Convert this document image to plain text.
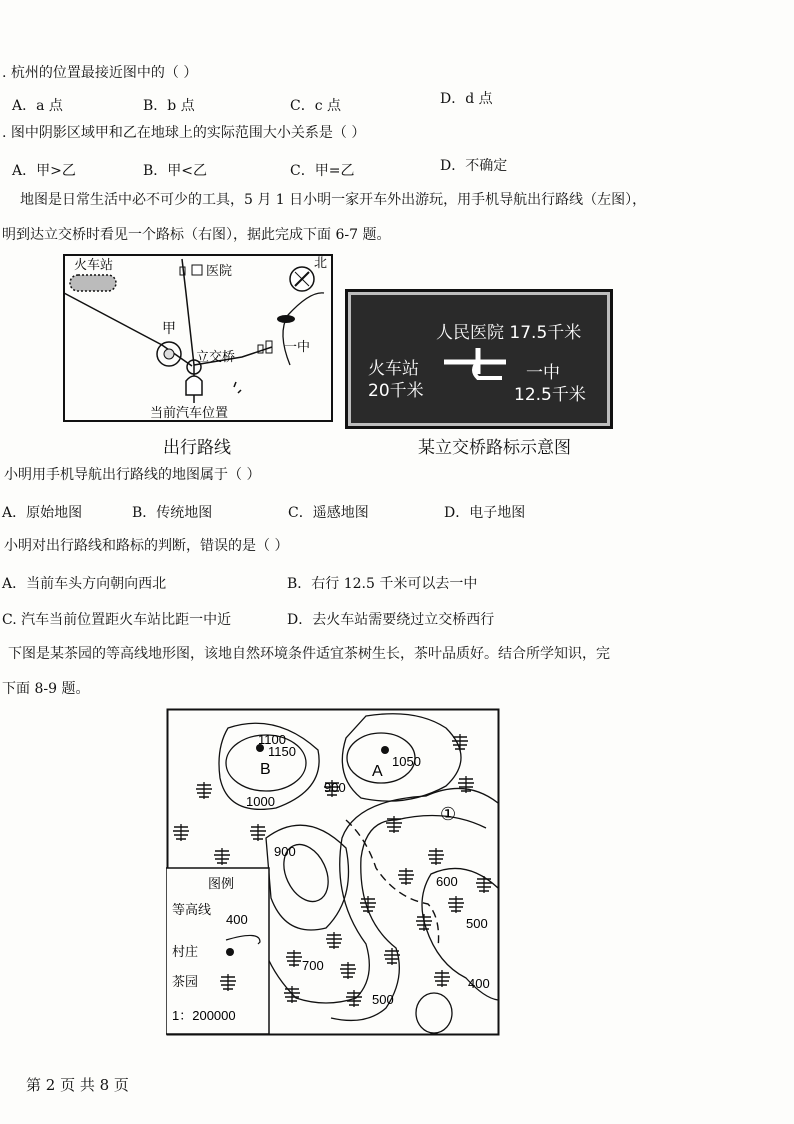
. 杭州的位置最接近图中的（ ）
A．a 点	B．b 点	C．c 点	D．d 点
. 图中阴影区域甲和乙在地球上的实际范围大小关系是（ ）
A．甲>乙	B．甲<乙	C．甲=乙	D．不确定
地图是日常生活中必不可少的工具，5 月 1 日小明一家开车外出游玩，用手机导航出行路线（左图），
明到达立交桥时看见一个路标（右图），据此完成下面 6-7 题。
火车站	医院
北
甲
立交桥
一中
当前汽车位置
出行路线
人民医院 17.5千米
火车站
20千米
一中
12.5千米
某立交桥路标示意图
小明用手机导航出行路线的地图属于（ ）
A．原始地图	B．传统地图	C．遥感地图	D．电子地图
小明对出行路线和路标的判断，错误的是（ ）
A．当前车头方向朝向西北	B．右行 12.5 千米可以去一中
C. 汽车当前位置距火车站比距一中近	D．去火车站需要绕过立交桥西行
下图是某茶园的等高线地形图，该地自然环境条件适宜茶树生长，茶叶品质好。结合所学知识，完
下面 8-9 题。
图例
等高线
400
村庄
茶园
1：200000
1100
1150
1050
900
1000
900
600
500
700
500
400
B	A
①
第 2 页 共 8 页
